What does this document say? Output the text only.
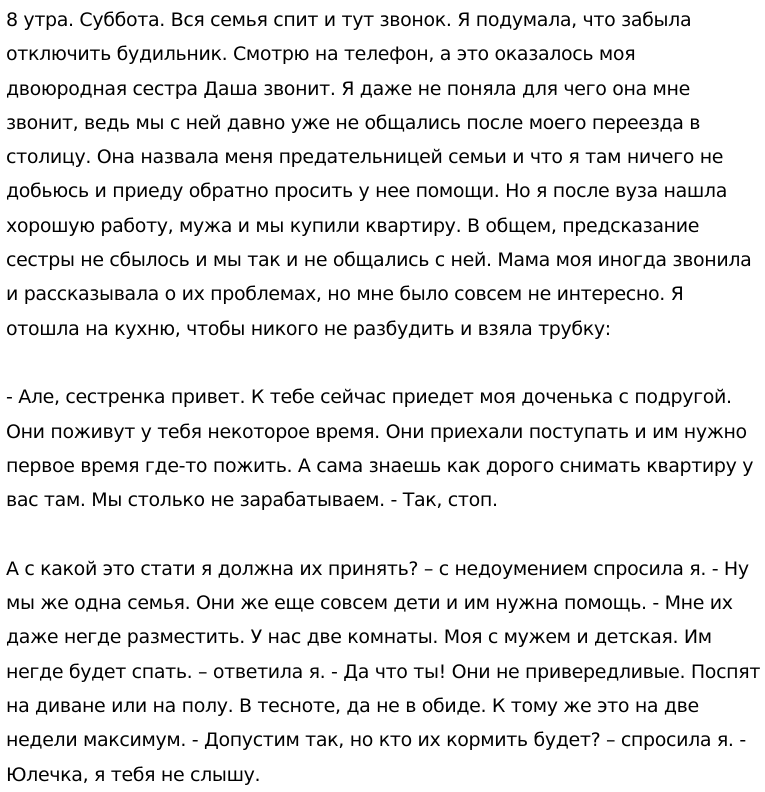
8 утра. Суббота. Вся семья спит и тут звонок. Я подумала, что забыла отключить будильник. Смотрю на телефон, а это оказалось моя двоюродная сестра Даша звонит. Я даже не поняла для чего она мне звонит, ведь мы с ней давно уже не общались после моего переезда в столицу. Она назвала меня предательницей семьи и что я там ничего не добьюсь и приеду обратно просить у нее помощи. Но я после вуза нашла хорошую работу, мужа и мы купили квартиру. В общем, предсказание сестры не сбылось и мы так и не общались с ней. Мама моя иногда звонила и рассказывала о их проблемах, но мне было совсем не интересно. Я отошла на кухню, чтобы никого не разбудить и взяла трубку:

- Але, сестренка привет. К тебе сейчас приедет моя доченька с подругой. Они поживут у тебя некоторое время. Они приехали поступать и им нужно первое время где-то пожить. А сама знаешь как дорого снимать квартиру у вас там. Мы столько не зарабатываем. - Так, стоп.

А с какой это стати я должна их принять? – с недоумением спросила я. - Ну мы же одна семья. Они же еще совсем дети и им нужна помощь. - Мне их даже негде разместить. У нас две комнаты. Моя с мужем и детская. Им негде будет спать. – ответила я. - Да что ты! Они не привередливые. Поспят на диване или на полу. В тесноте, да не в обиде. К тому же это на две недели максимум. - Допустим так, но кто их кормить будет? – спросила я. - Юлечка, я тебя не слышу.
